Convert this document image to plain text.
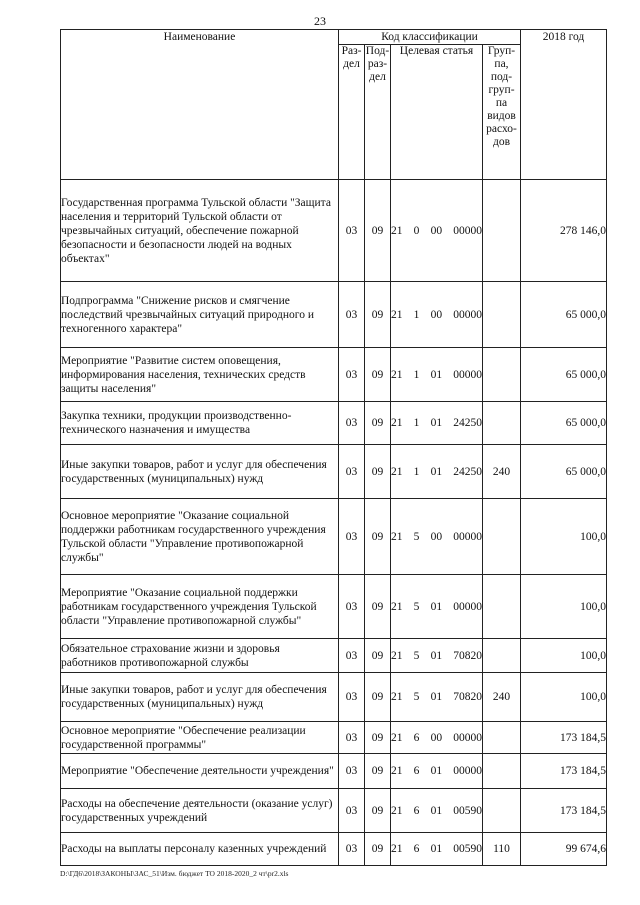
23
Наименование	Код классификации				2018 год
	Раз-дел	Под-раз-дел	Целевая статья	Груп-па, под-груп-па видов расхо-дов	
Государственная программа Тульской области "Защита населения и территорий Тульской области от чрезвычайных ситуаций, обеспечение пожарной безопасности и безопасности людей на водных объектах"	03	09	21 0 00 00000		278 146,0
Подпрограмма "Снижение рисков и смягчение последствий чрезвычайных ситуаций природного и техногенного характера"	03	09	21 1 00 00000		65 000,0
Мероприятие "Развитие систем оповещения, информирования населения, технических средств защиты населения"	03	09	21 1 01 00000		65 000,0
Закупка техники, продукции производственно-технического назначения и имущества	03	09	21 1 01 24250		65 000,0
Иные закупки товаров, работ и услуг для обеспечения государственных (муниципальных) нужд	03	09	21 1 01 24250	240	65 000,0
Основное мероприятие "Оказание социальной поддержки работникам государственного учреждения Тульской области "Управление противопожарной службы"	03	09	21 5 00 00000		100,0
Мероприятие "Оказание социальной поддержки работникам государственного учреждения Тульской области "Управление противопожарной службы"	03	09	21 5 01 00000		100,0
Обязательное страхование жизни и здоровья работников противопожарной службы	03	09	21 5 01 70820		100,0
Иные закупки товаров, работ и услуг для обеспечения государственных (муниципальных) нужд	03	09	21 5 01 70820	240	100,0
Основное мероприятие "Обеспечение реализации государственной программы"	03	09	21 6 00 00000		173 184,5
Мероприятие "Обеспечение деятельности учреждения"	03	09	21 6 01 00000		173 184,5
Расходы на обеспечение деятельности (оказание услуг) государственных учреждений	03	09	21 6 01 00590		173 184,5
Расходы на выплаты персоналу казенных учреждений	03	09	21 6 01 00590	110	99 674,6
D:\ГД6\2018\ЗАКОНЫ\ЗАС_51\Изм. бюджет ТО 2018-2020_2 чт\pr2.xls
